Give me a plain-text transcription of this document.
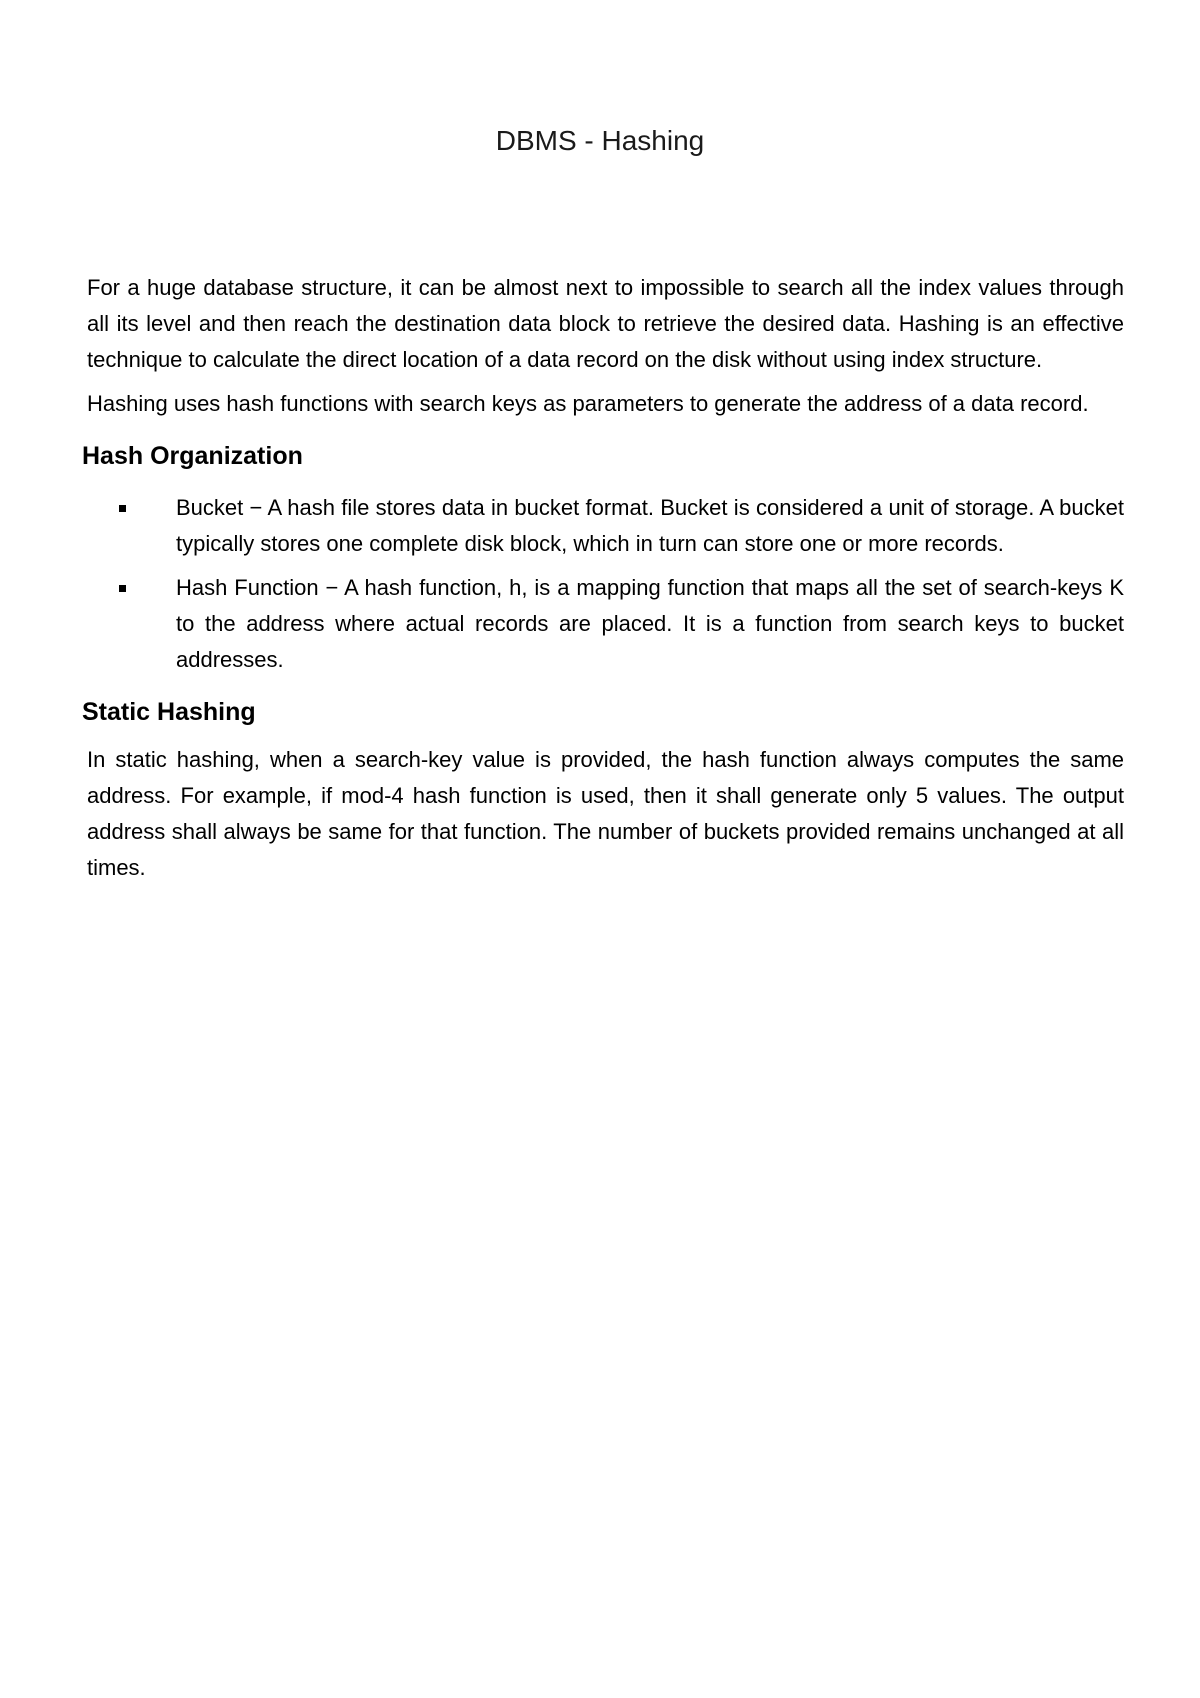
DBMS - Hashing

For a huge database structure, it can be almost next to impossible to search all the index values through all its level and then reach the destination data block to retrieve the desired data. Hashing is an effective technique to calculate the direct location of a data record on the disk without using index structure.

Hashing uses hash functions with search keys as parameters to generate the address of a data record.

Hash Organization
Bucket − A hash file stores data in bucket format. Bucket is considered a unit of storage. A bucket typically stores one complete disk block, which in turn can store one or more records.
Hash Function − A hash function, h, is a mapping function that maps all the set of search-keys K to the address where actual records are placed. It is a function from search keys to bucket addresses.
Static Hashing

In static hashing, when a search-key value is provided, the hash function always computes the same address. For example, if mod-4 hash function is used, then it shall generate only 5 values. The output address shall always be same for that function. The number of buckets provided remains unchanged at all times.
